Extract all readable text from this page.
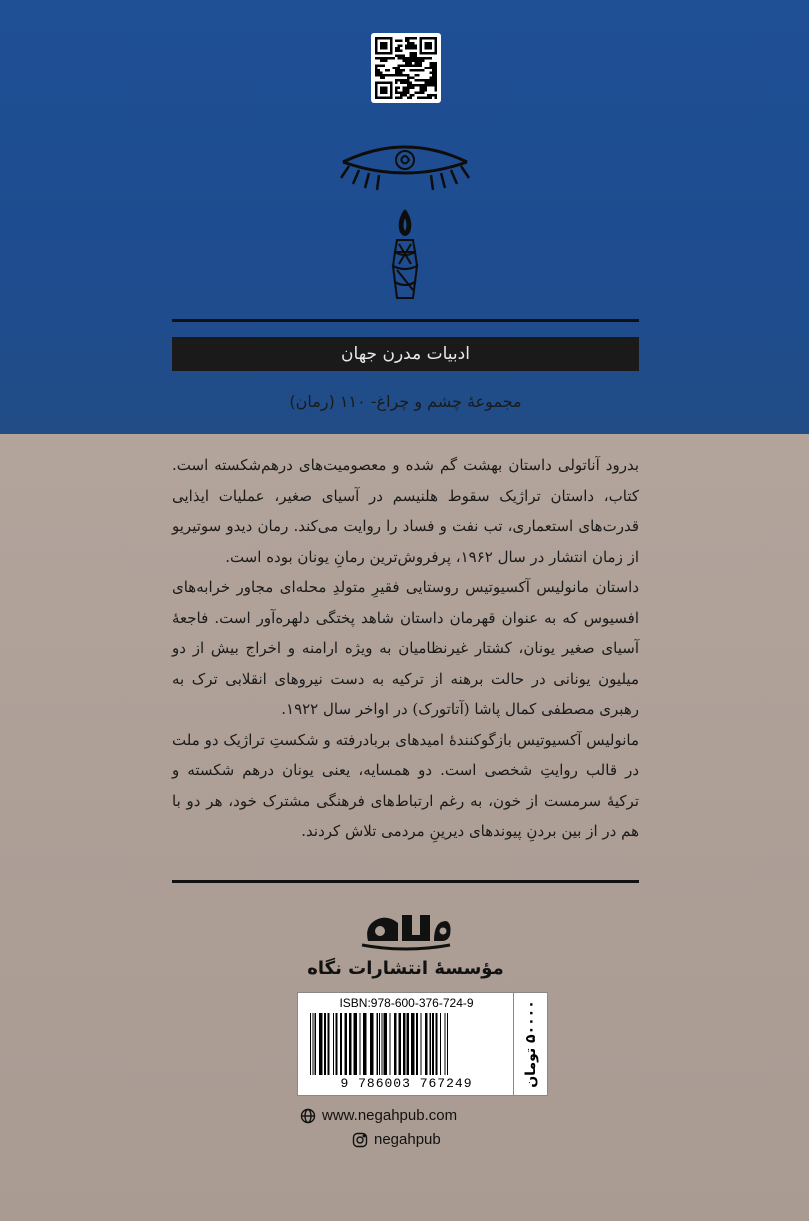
ادبیات مدرن جهان
مجموعهٔ چشم و چراغ- ۱۱۰ (رمان)

بدرود آناتولی داستان بهشت گم شده و معصومیت‌های درهم‌شکسته است. کتاب، داستان تراژیک سقوط هلنیسم در آسیای صغیر، عملیات ایذایی قدرت‌های استعماری، تب نفت و فساد را روایت می‌کند. رمان دیدو سوتیریو از زمان انتشار در سال ۱۹۶۲، پرفروش‌ترین رمانِ یونان بوده است.

داستان مانولیس آکسیوتیس روستایی فقیرِ متولدِ محله‌ای مجاور خرابه‌های افسیوس که به عنوان قهرمان داستان شاهد پختگی دلهره‌آور است. فاجعهٔ آسیای صغیر یونان، کشتار غیرنظامیان به ویژه ارامنه و اخراج بیش از دو میلیون یونانی در حالت برهنه از ترکیه به دست نیروهای انقلابی ترک به رهبری مصطفی کمال پاشا (آتاتورک) در اواخر سال ۱۹۲۲.

مانولیس آکسیوتیس بازگوکنندهٔ امیدهای بربادرفته و شکستِ تراژیک دو ملت در قالب روایتِ شخصی است. دو همسایه، یعنی یونان درهم شکسته و ترکیهٔ سرمست از خون، به رغم ارتباط‌های فرهنگی مشترک خود، هر دو با هم در از بین بردنِ پیوندهای دیرینِ مردمی تلاش کردند.

مؤسسهٔ انتشارات نگاه
ISBN:978-600-376-724-9
9 786003 767249	۵۰۰۰۰ تومان
www.negahpub.com
negahpub
